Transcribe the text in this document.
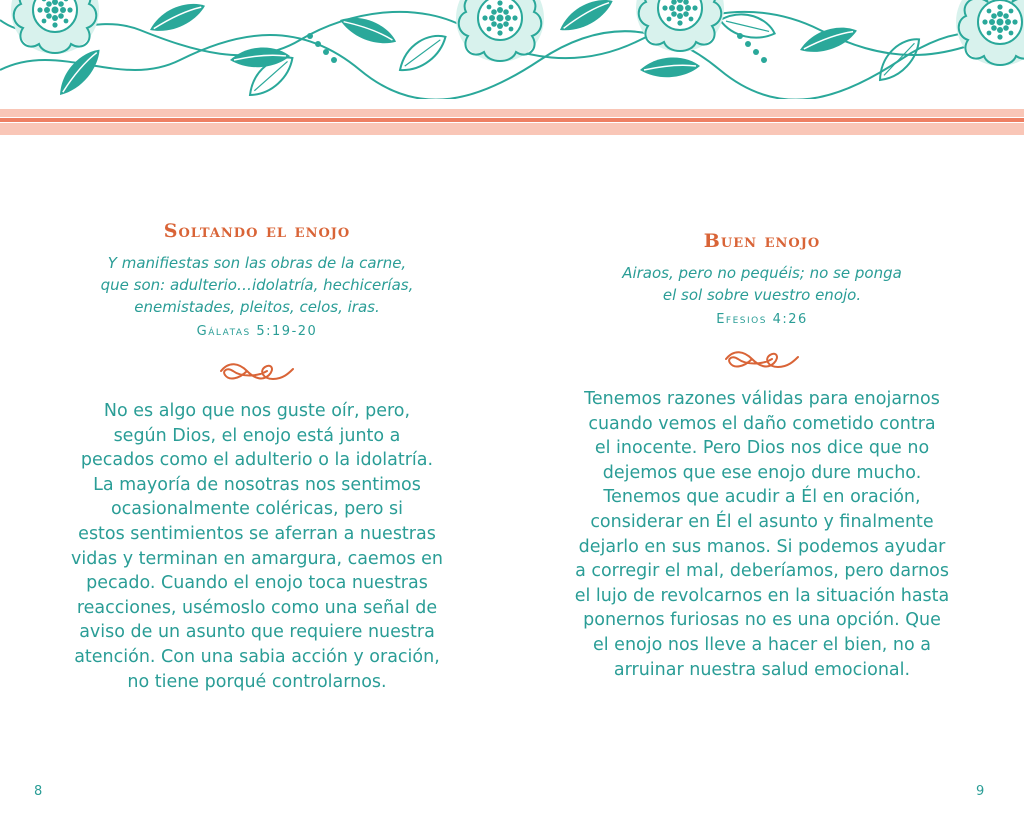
Soltando el enojo

Y manifiestas son las obras de la carne,
que son: adulterio…idolatría, hechicerías,
enemistades, pleitos, celos, iras.

Gálatas 5:19-20

No es algo que nos guste oír, pero,
según Dios, el enojo está junto a
pecados como el adulterio o la idolatría.
La mayoría de nosotras nos sentimos
ocasionalmente coléricas, pero si
estos sentimientos se aferran a nuestras
vidas y terminan en amargura, caemos en
pecado. Cuando el enojo toca nuestras
reacciones, usémoslo como una señal de
aviso de un asunto que requiere nuestra
atención. Con una sabia acción y oración,
no tiene porqué controlarnos.

Buen enojo

Airaos, pero no pequéis; no se ponga
el sol sobre vuestro enojo.

Efesios 4:26

Tenemos razones válidas para enojarnos
cuando vemos el daño cometido contra
el inocente. Pero Dios nos dice que no
dejemos que ese enojo dure mucho.
Tenemos que acudir a Él en oración,
considerar en Él el asunto y finalmente
dejarlo en sus manos. Si podemos ayudar
a corregir el mal, deberíamos, pero darnos
el lujo de revolcarnos en la situación hasta
ponernos furiosas no es una opción. Que
el enojo nos lleve a hacer el bien, no a
arruinar nuestra salud emocional.

8	9
